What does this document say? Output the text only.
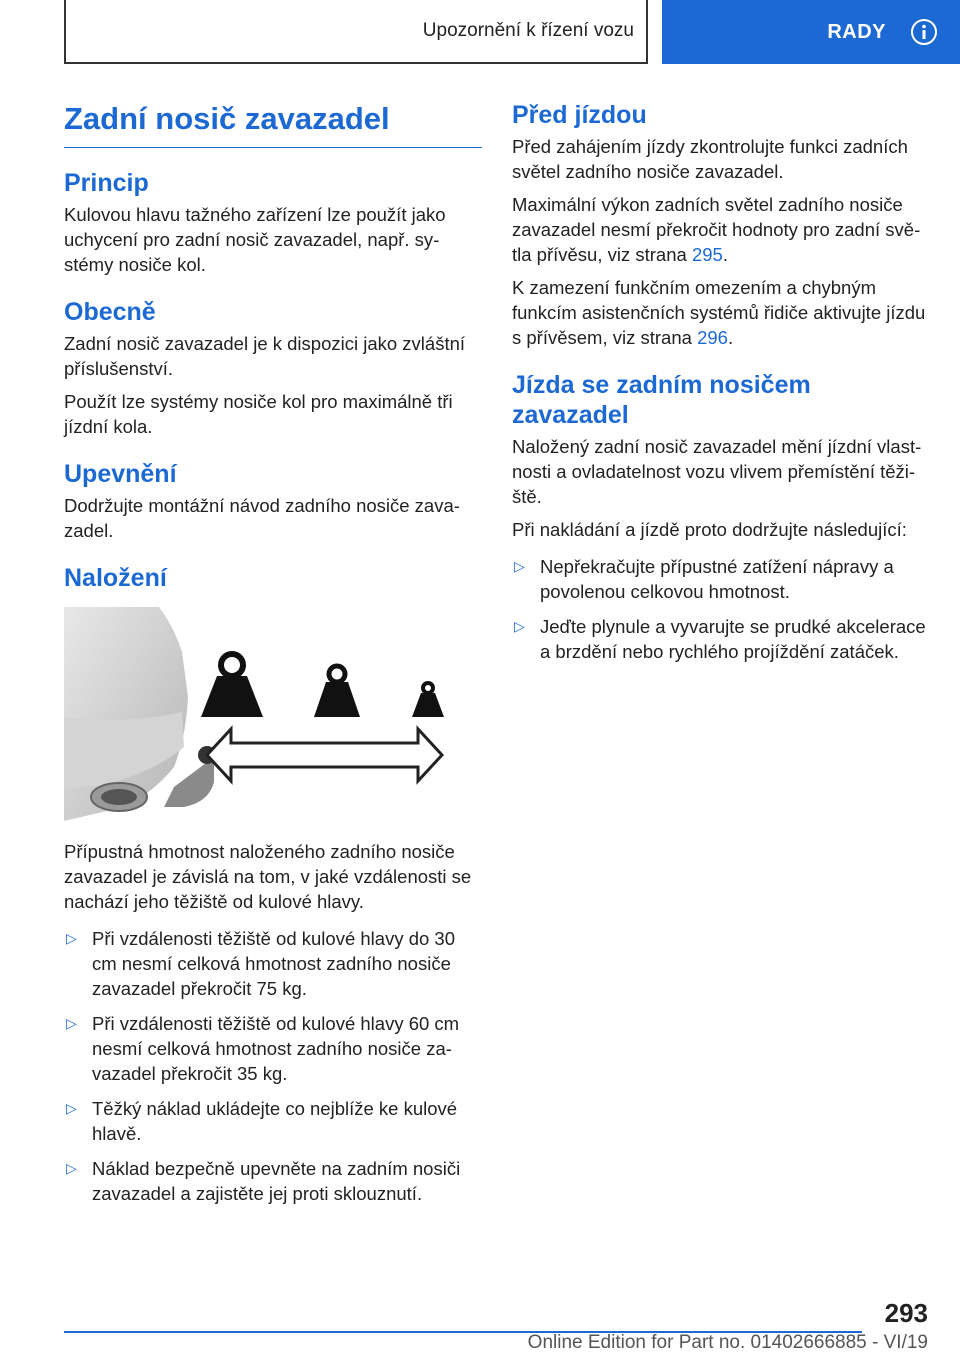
Upozornění k řízení vozu	RADY
Zadní nosič zavazadel
Princip

Kulovou hlavu tažného zařízení lze použít jako uchycení pro zadní nosič zavazadel, např. systémy nosiče kol.

Obecně

Zadní nosič zavazadel je k dispozici jako zvláštní příslušenství.

Použít lze systémy nosiče kol pro maximálně tři jízdní kola.

Upevnění

Dodržujte montážní návod zadního nosiče zavazadel.

Naložení

Přípustná hmotnost naloženého zadního nosiče zavazadel je závislá na tom, v jaké vzdálenosti se nachází jeho těžiště od kulové hlavy.

▷ Při vzdálenosti těžiště od kulové hlavy do 30 cm nesmí celková hmotnost zadního nosiče zavazadel překročit 75 kg.
▷ Při vzdálenosti těžiště od kulové hlavy 60 cm nesmí celková hmotnost zadního nosiče zavazadel překročit 35 kg.
▷ Těžký náklad ukládejte co nejblíže ke kulové hlavě.
▷ Náklad bezpečně upevněte na zadním nosiči zavazadel a zajistěte jej proti sklouznutí.
Před jízdou

Před zahájením jízdy zkontrolujte funkci zadních světel zadního nosiče zavazadel.

Maximální výkon zadních světel zadního nosiče zavazadel nesmí překročit hodnoty pro zadní světla přívěsu, viz strana 295.

K zamezení funkčním omezením a chybným funkcím asistenčních systémů řidiče aktivujte jízdu s přívěsem, viz strana 296.

Jízda se zadním nosičem zavazadel

Naložený zadní nosič zavazadel mění jízdní vlastnosti a ovladatelnost vozu vlivem přemístění těžiště.

Při nakládání a jízdě proto dodržujte následující:

▷ Nepřekračujte přípustné zatížení nápravy a povolenou celkovou hmotnost.
▷ Jeďte plynule a vyvarujte se prudké akcelerace a brzdění nebo rychlého projíždění zatáček.
293
Online Edition for Part no. 01402666885 - VI/19
